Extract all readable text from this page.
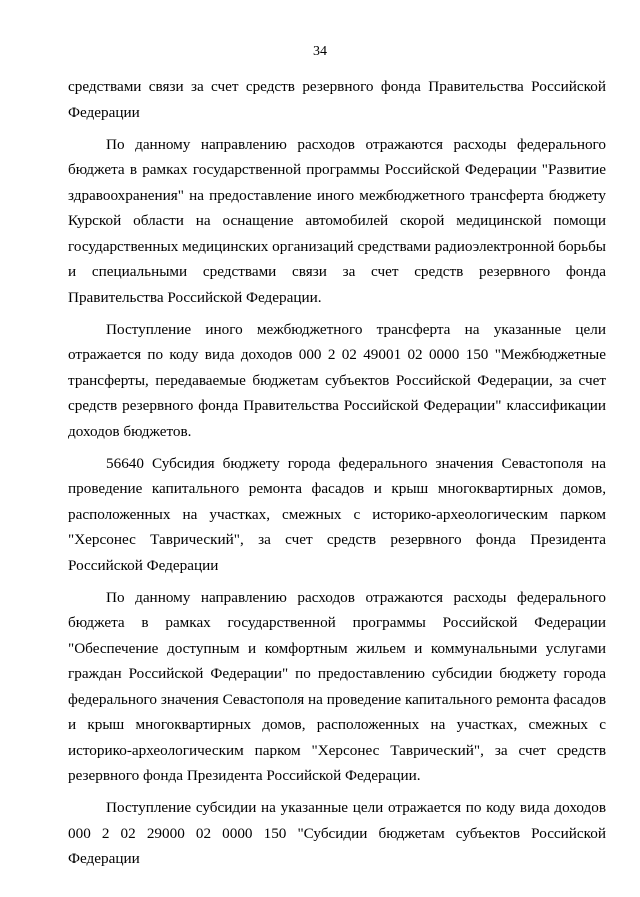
34

средствами связи за счет средств резервного фонда Правительства Российской Федерации

По данному направлению расходов отражаются расходы федерального бюджета в рамках государственной программы Российской Федерации "Развитие здравоохранения" на предоставление иного межбюджетного трансферта бюджету Курской области на оснащение автомобилей скорой медицинской помощи государственных медицинских организаций средствами радиоэлектронной борьбы и специальными средствами связи за счет средств резервного фонда Правительства Российской Федерации.

Поступление иного межбюджетного трансферта на указанные цели отражается по коду вида доходов 000 2 02 49001 02 0000 150 "Межбюджетные трансферты, передаваемые бюджетам субъектов Российской Федерации, за счет средств резервного фонда Правительства Российской Федерации" классификации доходов бюджетов.

56640 Субсидия бюджету города федерального значения Севастополя на проведение капитального ремонта фасадов и крыш многоквартирных домов, расположенных на участках, смежных с историко-археологическим парком "Херсонес Таврический", за счет средств резервного фонда Президента Российской Федерации

По данному направлению расходов отражаются расходы федерального бюджета в рамках государственной программы Российской Федерации "Обеспечение доступным и комфортным жильем и коммунальными услугами граждан Российской Федерации" по предоставлению субсидии бюджету города федерального значения Севастополя на проведение капитального ремонта фасадов и крыш многоквартирных домов, расположенных на участках, смежных с историко-археологическим парком "Херсонес Таврический", за счет средств резервного фонда Президента Российской Федерации.

Поступление субсидии на указанные цели отражается по коду вида доходов 000 2 02 29000 02 0000 150 "Субсидии бюджетам субъектов Российской Федерации
